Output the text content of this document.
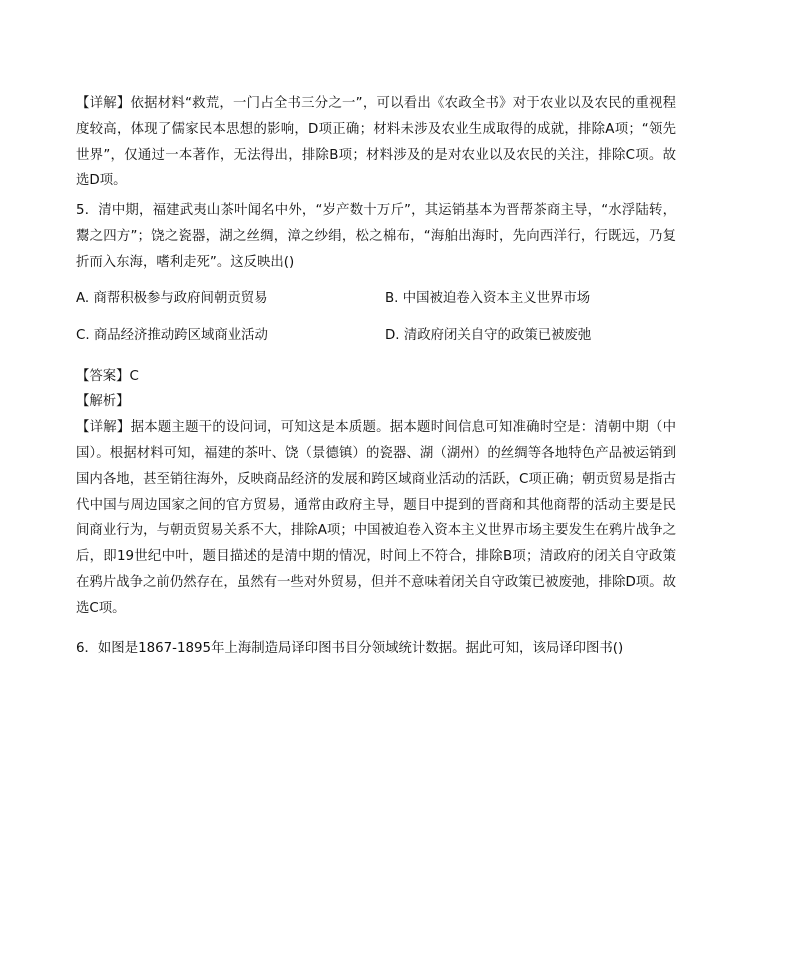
【详解】依据材料“救荒，一门占全书三分之一”，可以看出《农政全书》对于农业以及农民的重视程度较高，体现了儒家民本思想的影响，D项正确；材料未涉及农业生成取得的成就，排除A项；“领先世界”，仅通过一本著作，无法得出，排除B项；材料涉及的是对农业以及农民的关注，排除C项。故选D项。

5．清中期，福建武夷山茶叶闻名中外，“岁产数十万斤”，其运销基本为晋帮茶商主导，“水浮陆转，鬻之四方”；饶之瓷器，湖之丝绸，漳之纱绢，松之棉布，“海舶出海时，先向西洋行，行既远，乃复折而入东海，嗜利走死”。这反映出()

A. 商帮积极参与政府间朝贡贸易	B. 中国被迫卷入资本主义世界市场
C. 商品经济推动跨区域商业活动	D. 清政府闭关自守的政策已被废弛

【答案】C

【解析】

【详解】据本题主题干的设问词，可知这是本质题。据本题时间信息可知准确时空是：清朝中期（中国）。根据材料可知，福建的茶叶、饶（景德镇）的瓷器、湖（湖州）的丝绸等各地特色产品被运销到国内各地，甚至销往海外，反映商品经济的发展和跨区域商业活动的活跃，C项正确；朝贡贸易是指古代中国与周边国家之间的官方贸易，通常由政府主导，题目中提到的晋商和其他商帮的活动主要是民间商业行为，与朝贡贸易关系不大，排除A项；中国被迫卷入资本主义世界市场主要发生在鸦片战争之后，即19世纪中叶，题目描述的是清中期的情况，时间上不符合，排除B项；清政府的闭关自守政策在鸦片战争之前仍然存在，虽然有一些对外贸易，但并不意味着闭关自守政策已被废弛，排除D项。故选C项。

6．如图是1867-1895年上海制造局译印图书目分领域统计数据。据此可知，该局译印图书()
